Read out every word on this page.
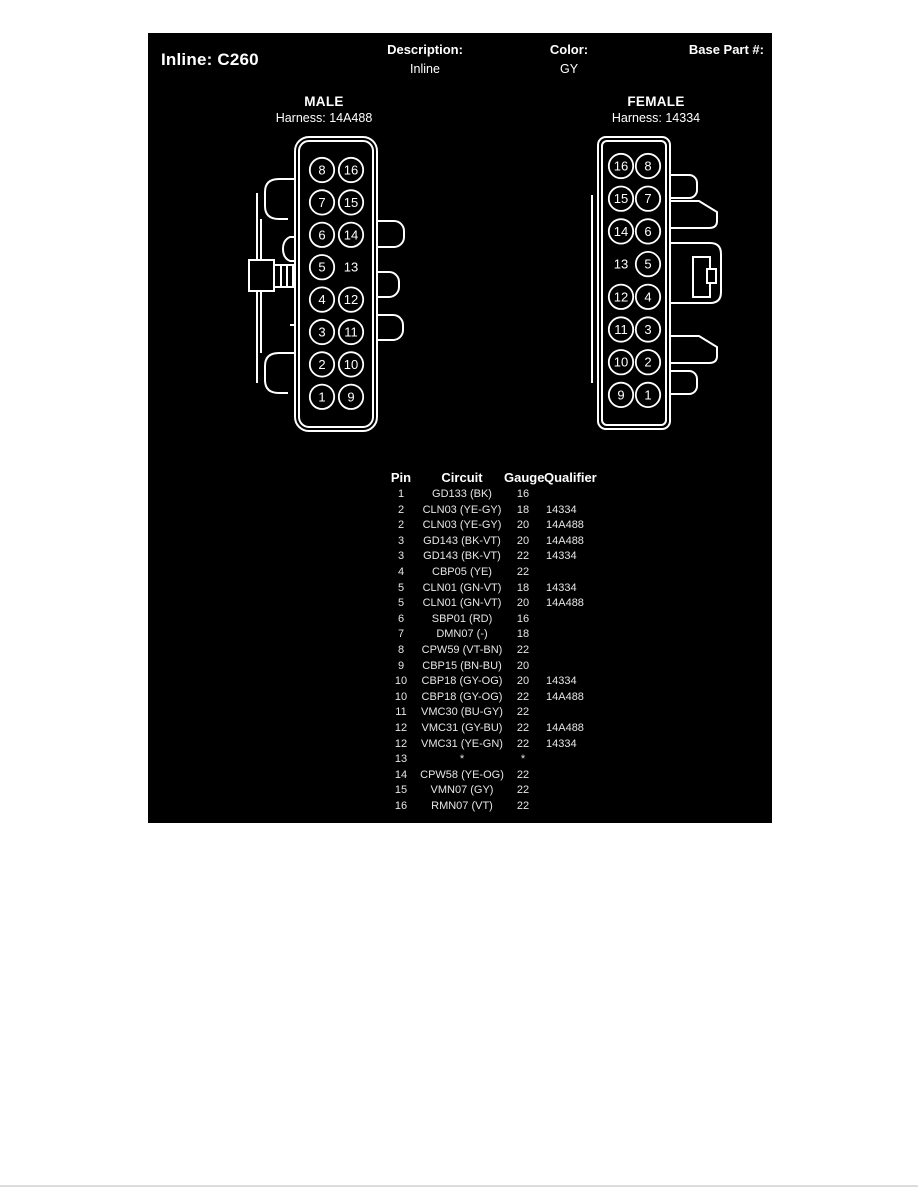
Inline: C260
Description:
Inline
Color:
GY
Base Part #:
MALE
Harness: 14A488
FEMALE
Harness: 14334
8 16
7 15
6 14
5 13
4 12
3 11
2 10
1 9
16 8
15 7
14 6
13 5
12 4
11 3
10 2
9 1
Pin	Circuit	Gauge Qualifier
1	GD133 (BK)	16
2	CLN03 (YE-GY)	18	14334
2	CLN03 (YE-GY)	20	14A488
3	GD143 (BK-VT)	20	14A488
3	GD143 (BK-VT)	22	14334
4	CBP05 (YE)	22
5	CLN01 (GN-VT)	18	14334
5	CLN01 (GN-VT)	20	14A488
6	SBP01 (RD)	16
7	DMN07 (-)	18
8	CPW59 (VT-BN)	22
9	CBP15 (BN-BU)	20
10	CBP18 (GY-OG)	20	14334
10	CBP18 (GY-OG)	22	14A488
11	VMC30 (BU-GY)	22
12	VMC31 (GY-BU)	22	14A488
12	VMC31 (YE-GN)	22	14334
13	*	*
14	CPW58 (YE-OG)	22
15	VMN07 (GY)	22
16	RMN07 (VT)	22
